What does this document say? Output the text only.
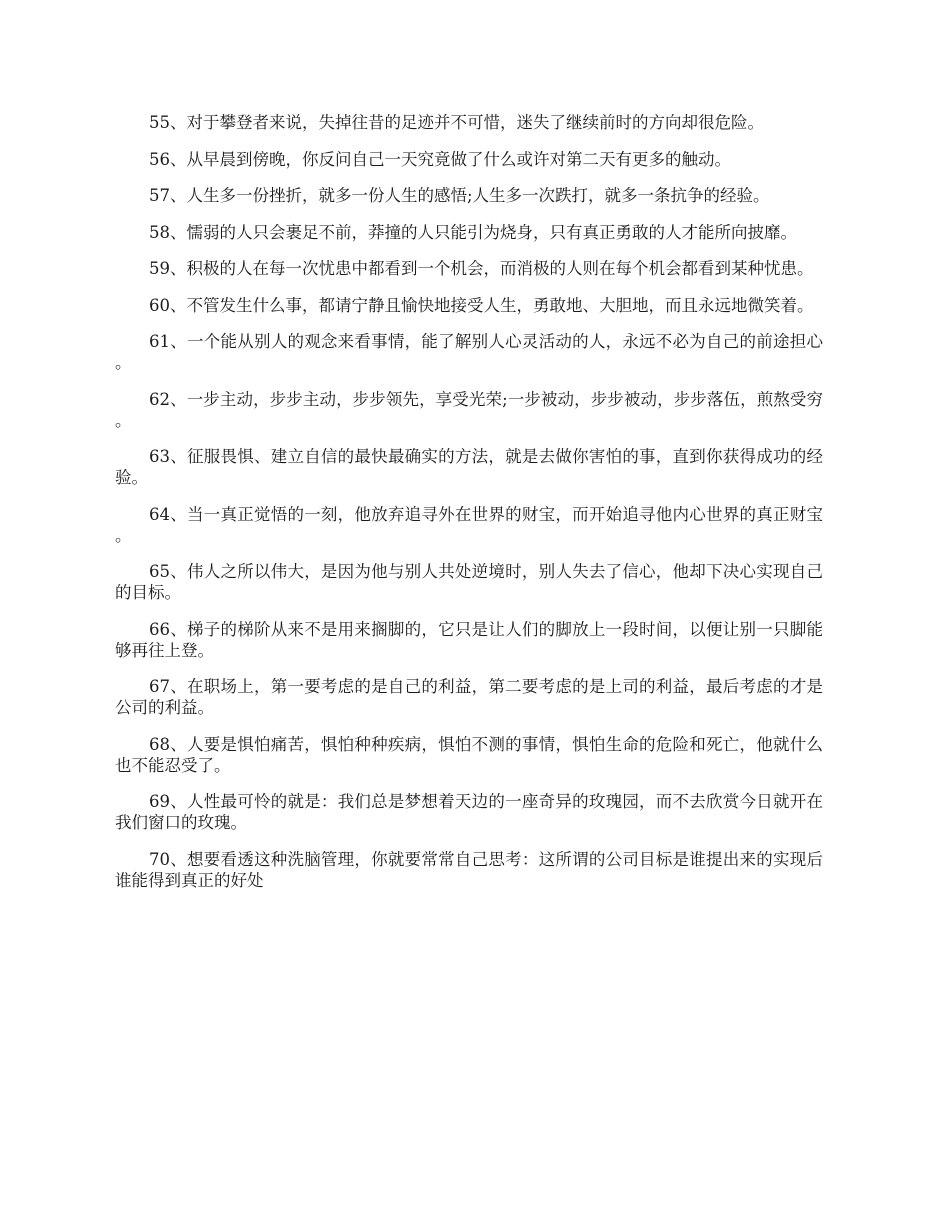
55、对于攀登者来说，失掉往昔的足迹并不可惜，迷失了继续前时的方向却很危险。

56、从早晨到傍晚，你反问自己一天究竟做了什么或许对第二天有更多的触动。

57、人生多一份挫折，就多一份人生的感悟;人生多一次跌打，就多一条抗争的经验。

58、懦弱的人只会裹足不前，莽撞的人只能引为烧身，只有真正勇敢的人才能所向披靡。

59、积极的人在每一次忧患中都看到一个机会，而消极的人则在每个机会都看到某种忧患。

60、不管发生什么事，都请宁静且愉快地接受人生，勇敢地、大胆地，而且永远地微笑着。

61、一个能从别人的观念来看事情，能了解别人心灵活动的人，永远不必为自己的前途担心。

62、一步主动，步步主动，步步领先，享受光荣;一步被动，步步被动，步步落伍，煎熬受穷。

63、征服畏惧、建立自信的最快最确实的方法，就是去做你害怕的事，直到你获得成功的经验。

64、当一真正觉悟的一刻，他放弃追寻外在世界的财宝，而开始追寻他内心世界的真正财宝。

65、伟人之所以伟大，是因为他与别人共处逆境时，别人失去了信心，他却下决心实现自己的目标。

66、梯子的梯阶从来不是用来搁脚的，它只是让人们的脚放上一段时间，以便让别一只脚能够再往上登。

67、在职场上，第一要考虑的是自己的利益，第二要考虑的是上司的利益，最后考虑的才是公司的利益。

68、人要是惧怕痛苦，惧怕种种疾病，惧怕不测的事情，惧怕生命的危险和死亡，他就什么也不能忍受了。

69、人性最可怜的就是：我们总是梦想着天边的一座奇异的玫瑰园，而不去欣赏今日就开在我们窗口的玫瑰。

70、想要看透这种洗脑管理，你就要常常自己思考：这所谓的公司目标是谁提出来的实现后谁能得到真正的好处
